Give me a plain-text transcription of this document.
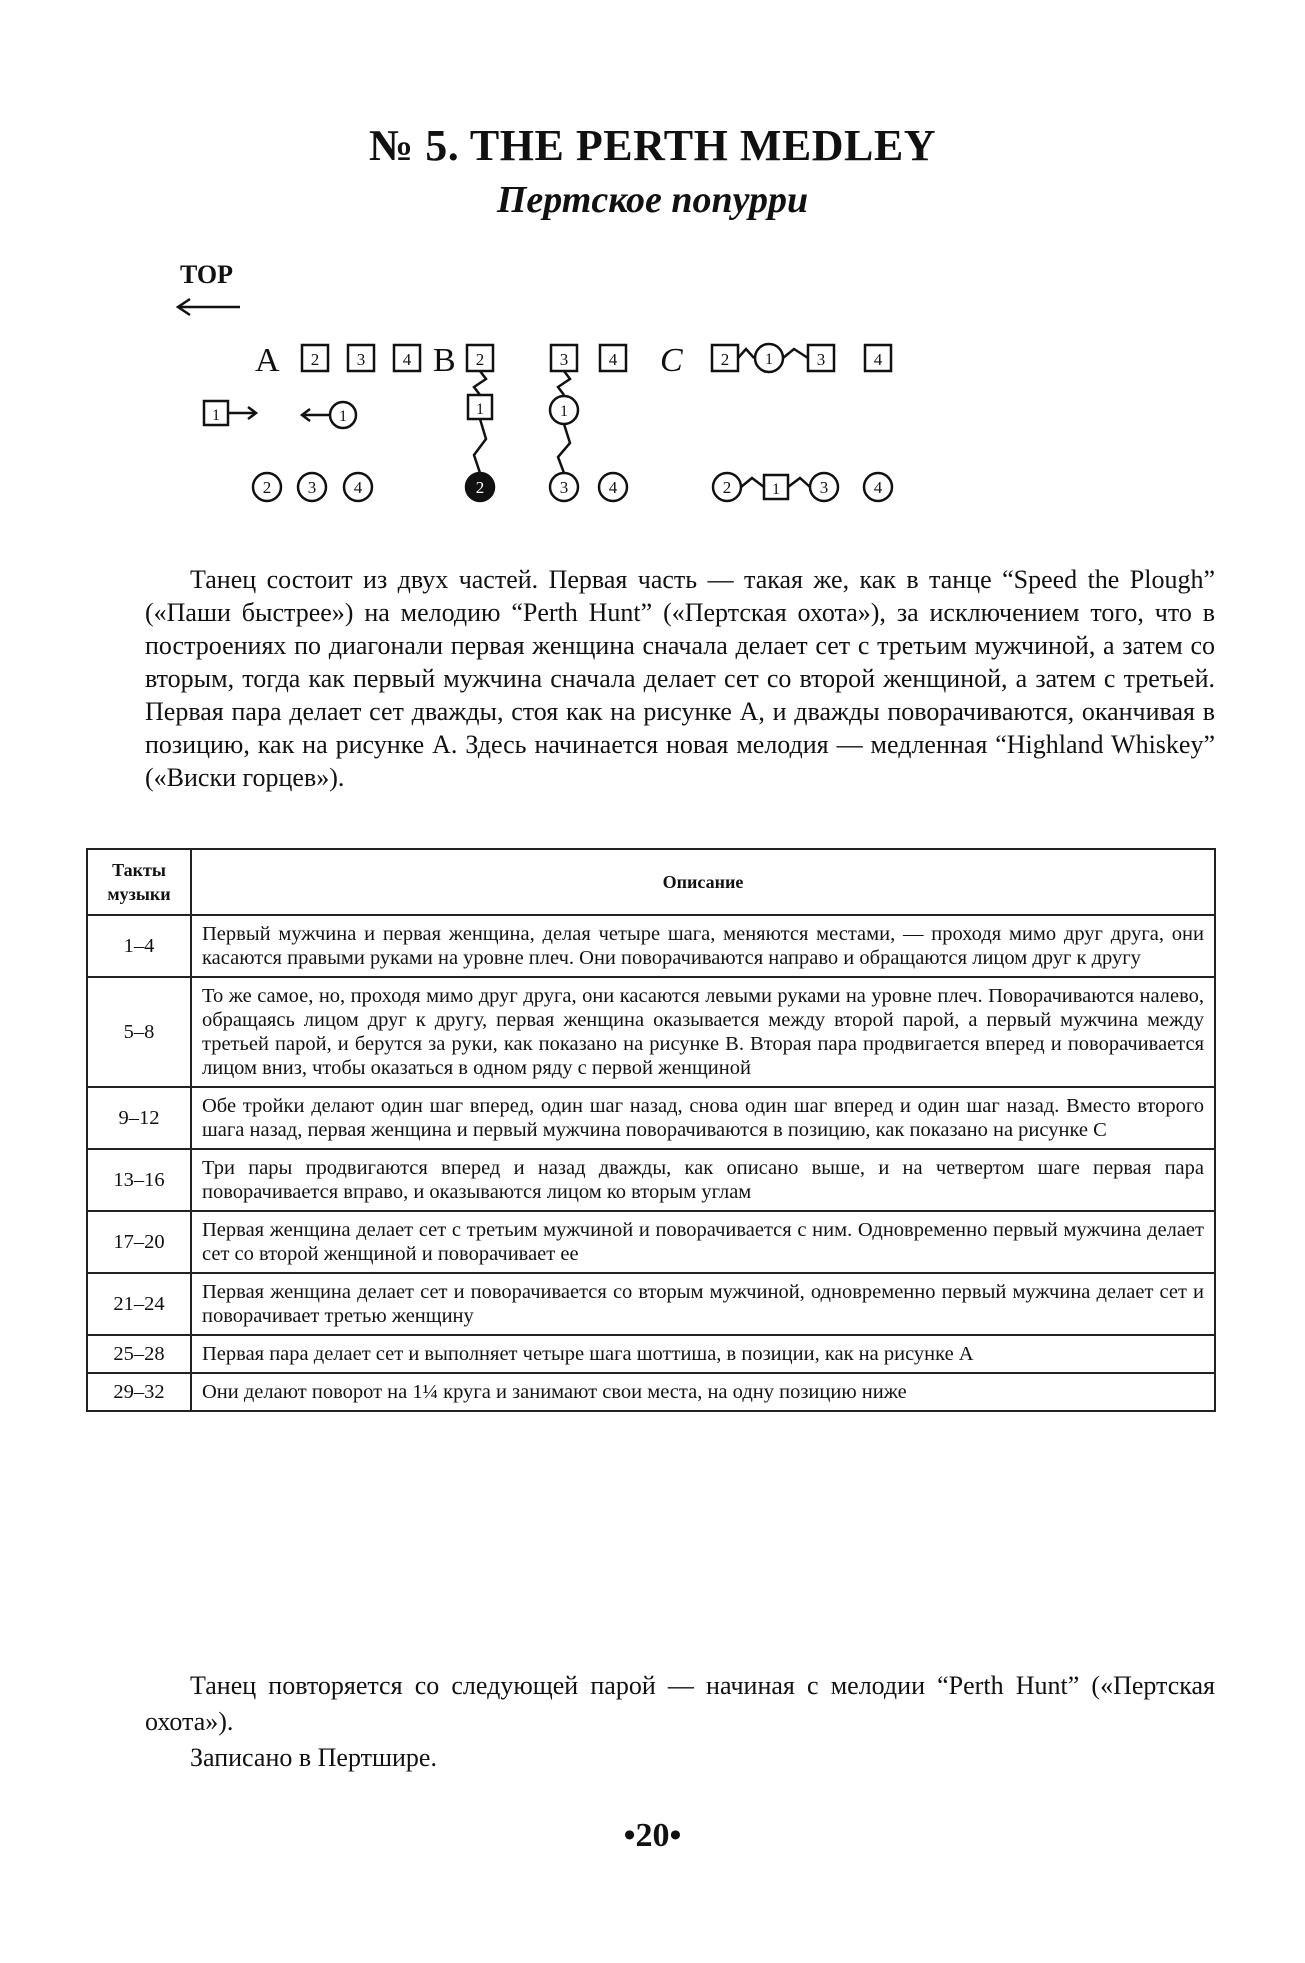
№ 5. THE PERTH MEDLEY
Пертское попурри
TOP
A 2 3 4
1	1
2 3 4
B 2
1
2
3
1
3
4
4
C 2 1	3	4
2	1 3	4

Танец состоит из двух частей. Первая часть — такая же, как в танце “Speed the Plough” («Паши быстрее») на мелодию “Perth Hunt” («Пертская охота»), за исключением того, что в построениях по диагонали первая женщина сначала делает сет с третьим мужчиной, а затем со вторым, тогда как первый мужчина сначала делает сет со второй женщиной, а затем с третьей. Первая пара делает сет дважды, стоя как на рисунке А, и дважды поворачиваются, оканчивая в позицию, как на рисунке А. Здесь начинается новая мелодия — медленная “Highland Whiskey” («Виски горцев»).

Такты музыки	Описание
1–4	Первый мужчина и первая женщина, делая четыре шага, меняются местами, — проходя мимо друг друга, они касаются правыми руками на уровне плеч. Они поворачиваются направо и обращаются лицом друг к другу
5–8	То же самое, но, проходя мимо друг друга, они касаются левыми руками на уровне плеч. Поворачиваются налево, обращаясь лицом друг к другу, первая женщина оказывается между второй парой, а первый мужчина между третьей парой, и берутся за руки, как показано на рисунке В. Вторая пара продвигается вперед и поворачивается лицом вниз, чтобы оказаться в одном ряду с первой женщиной
9–12	Обе тройки делают один шаг вперед, один шаг назад, снова один шаг вперед и один шаг назад. Вместо второго шага назад, первая женщина и первый мужчина поворачиваются в позицию, как показано на рисунке С
13–16	Три пары продвигаются вперед и назад дважды, как описано выше, и на четвертом шаге первая пара поворачивается вправо, и оказываются лицом ко вторым углам
17–20	Первая женщина делает сет с третьим мужчиной и поворачивается с ним. Одновременно первый мужчина делает сет со второй женщиной и поворачивает ее
21–24	Первая женщина делает сет и поворачивается со вторым мужчиной, одновременно первый мужчина делает сет и поворачивает третью женщину
25–28	Первая пара делает сет и выполняет четыре шага шоттиша, в позиции, как на рисунке А
29–32	Они делают поворот на 1¼ круга и занимают свои места, на одну позицию ниже

Танец повторяется со следующей парой — начиная с мелодии “Perth Hunt” («Пертская охота»).

Записано в Пертшире.

•20•
